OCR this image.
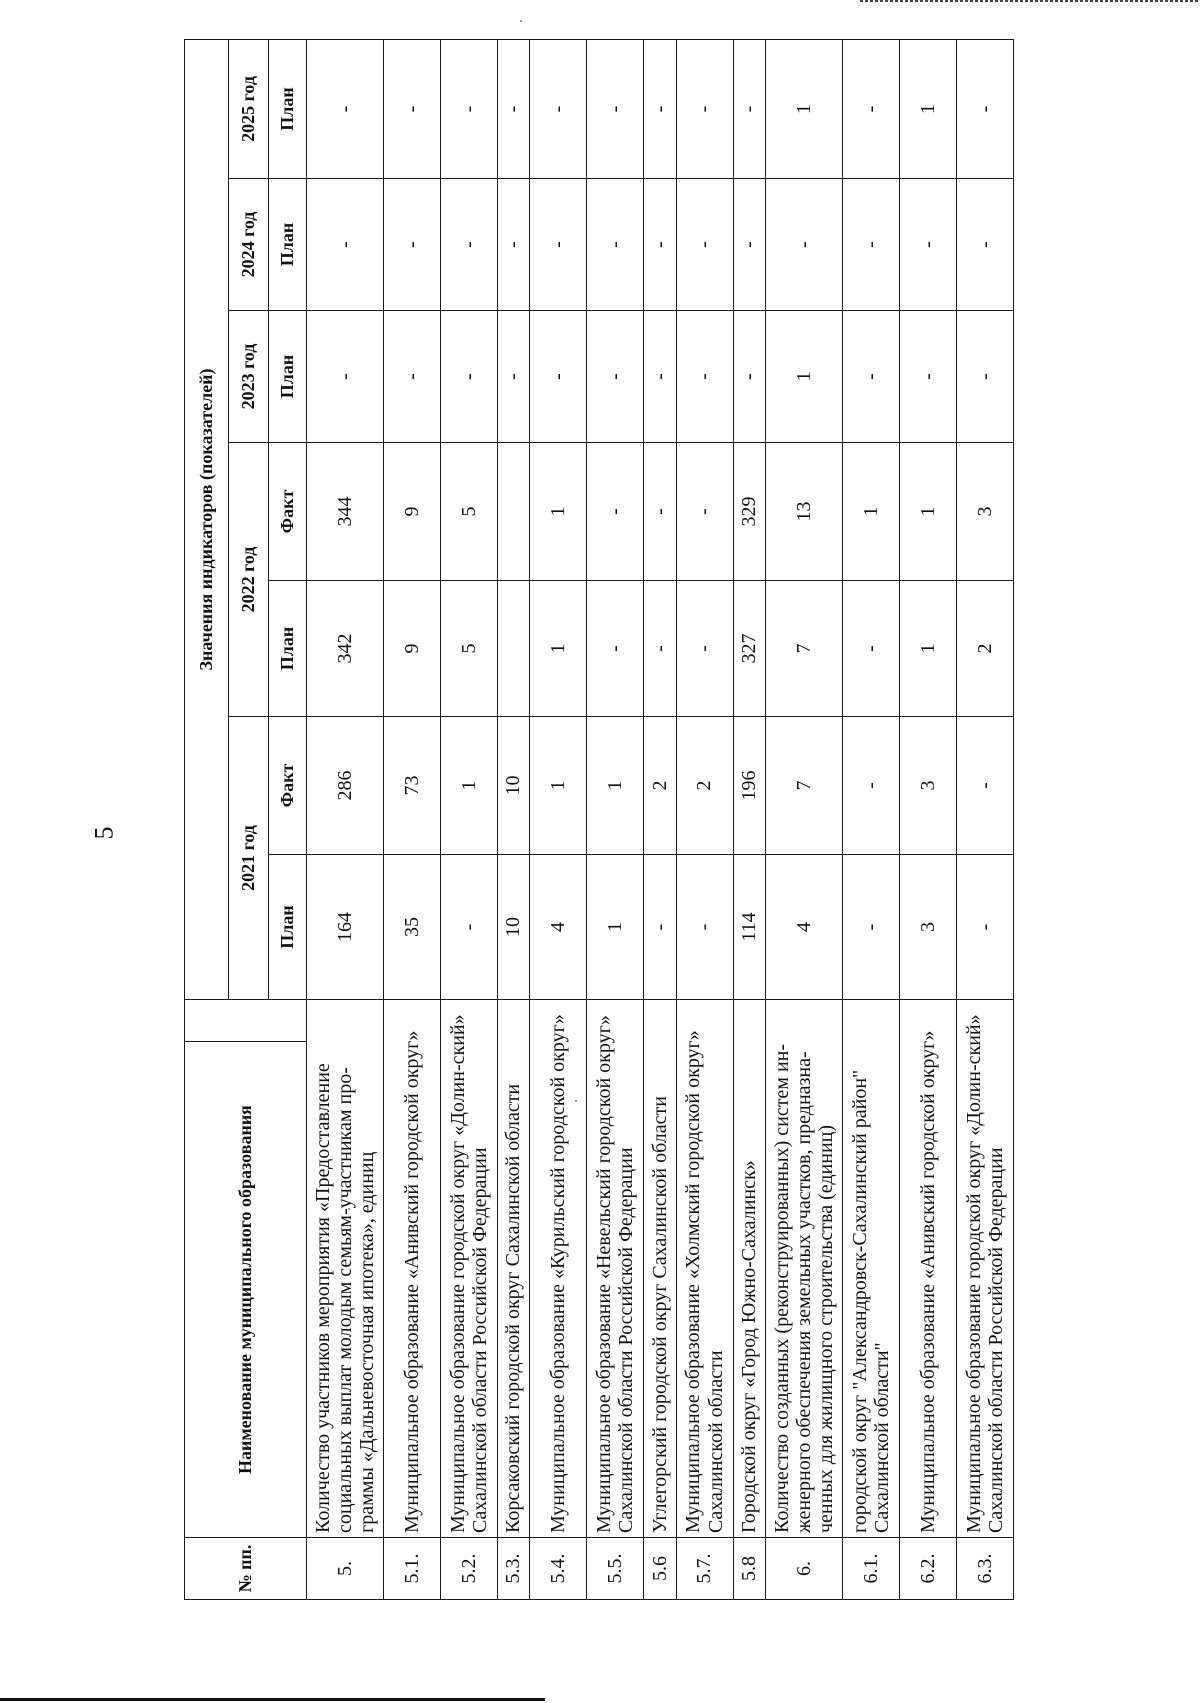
5
№ пп.	Наименование муниципального образования		Значения индикаторов (показателей)						
			2021 год		2022 год		2023 год	2024 год	2025 год
			План	Факт	План	Факт	План	План	План
5.	Количество участников мероприятия «Предоставление социальных выплат молодым семьям-участникам про-граммы «Дальневосточная ипотека», единиц		164	286	342	344	-	-	-
5.1.	Муниципальное образование «Анивский городской округ»		35	73	9	9	-	-	-
5.2.	Муниципальное образование городской округ «Долин-ский» Сахалинской области Российской Федерации		-	1	5	5	-	-	-
5.3.	Корсаковский городской округ Сахалинской области		10	10			-	-	-
5.4.	Муниципальное образование «Курильский городской округ»		4	1	1	1	-	-	-
5.5.	Муниципальное образование «Невельский городской округ» Сахалинской области Российской Федерации		1	1	-	-	-	-	-
5.6	Углегорский городской округ Сахалинской области		-	2	-	-	-	-	-
5.7.	Муниципальное образование «Холмский городской округ» Сахалинской области		-	2	-	-	-	-	-
5.8	Городской округ «Город Южно-Сахалинск»		114	196	327	329	-	-	-
6.	Количество созданных (реконструированных) систем ин-женерного обеспечения земельных участков, предназна-ченных для жилищного строительства (единиц)		4	7	7	13	1	-	1
6.1.	городской округ "Александровск-Сахалинский район" Сахалинской области"		-	-	-	1	-	-	-
6.2.	Муниципальное образование «Анивский городской округ»		3	3	1	1	-	-	1
6.3.	Муниципальное образование городской округ «Долин-ский» Сахалинской области Российской Федерации		-	-	2	3	-	-	-
